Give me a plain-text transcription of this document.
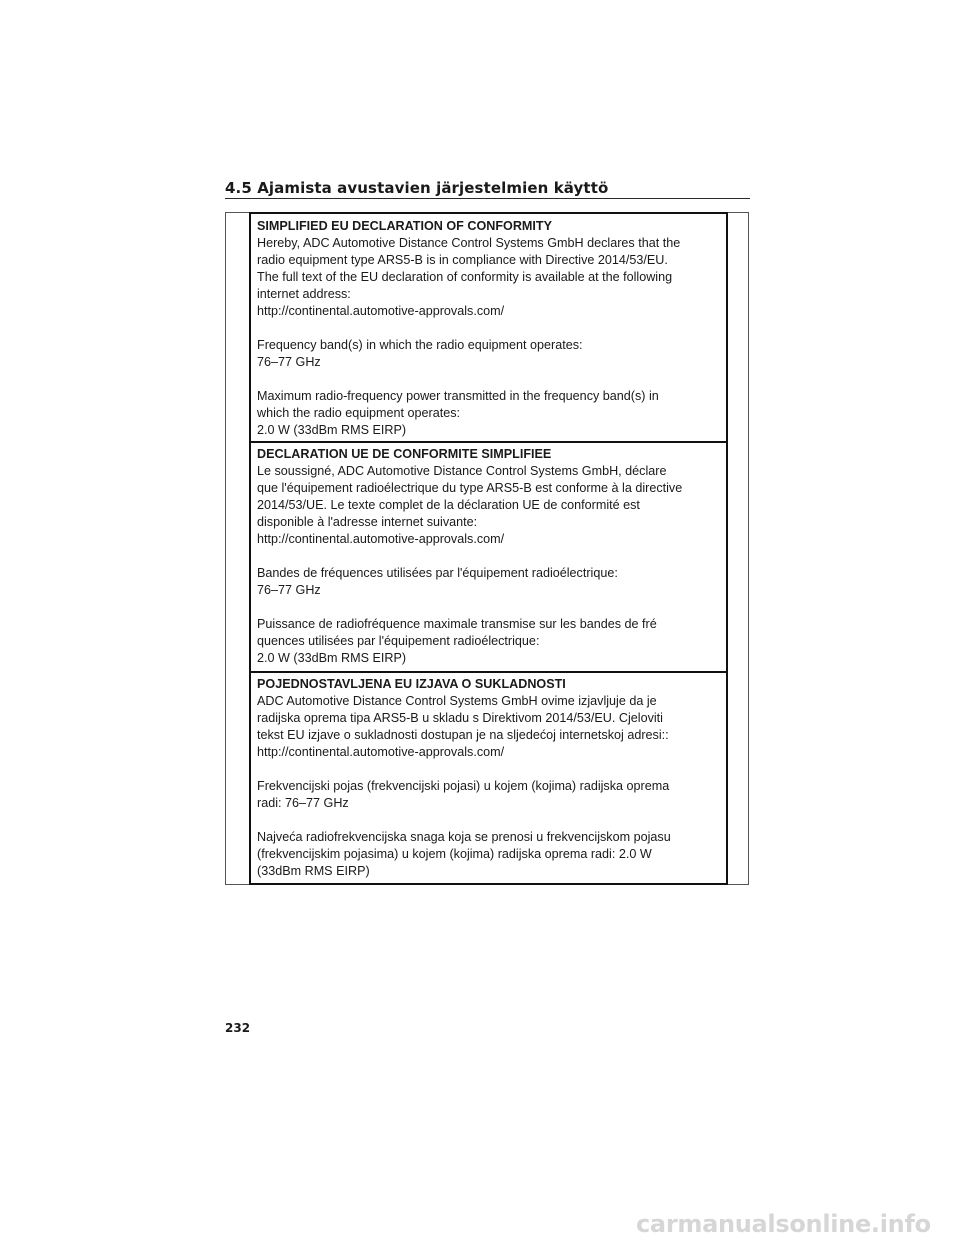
4.5 Ajamista avustavien järjestelmien käyttö

SIMPLIFIED EU DECLARATION OF CONFORMITY

Hereby, ADC Automotive Distance Control Systems GmbH declares that the
radio equipment type ARS5-B is in compliance with Directive 2014/53/EU.
The full text of the EU declaration of conformity is available at the following
internet address:
http://continental.automotive-approvals.com/

Frequency band(s) in which the radio equipment operates:
76–77 GHz

Maximum radio-frequency power transmitted in the frequency band(s) in
which the radio equipment operates:
2.0 W (33dBm RMS EIRP)

DECLARATION UE DE CONFORMITE SIMPLIFIEE

Le soussigné, ADC Automotive Distance Control Systems GmbH, déclare
que l'équipement radioélectrique du type ARS5-B est conforme à la directive
2014/53/UE. Le texte complet de la déclaration UE de conformité est
disponible à l'adresse internet suivante:
http://continental.automotive-approvals.com/

Bandes de fréquences utilisées par l'équipement radioélectrique:
76–77 GHz

Puissance de radiofréquence maximale transmise sur les bandes de fré
quences utilisées par l'équipement radioélectrique:
2.0 W (33dBm RMS EIRP)

POJEDNOSTAVLJENA EU IZJAVA O SUKLADNOSTI

ADC Automotive Distance Control Systems GmbH ovime izjavljuje da je
radijska oprema tipa ARS5-B u skladu s Direktivom 2014/53/EU. Cjeloviti
tekst EU izjave o sukladnosti dostupan je na sljedećoj internetskoj adresi::
http://continental.automotive-approvals.com/

Frekvencijski pojas (frekvencijski pojasi) u kojem (kojima) radijska oprema
radi: 76–77 GHz

Najveća radiofrekvencijska snaga koja se prenosi u frekvencijskom pojasu
(frekvencijskim pojasima) u kojem (kojima) radijska oprema radi: 2.0 W
(33dBm RMS EIRP)

232
carmanualsonline.info
